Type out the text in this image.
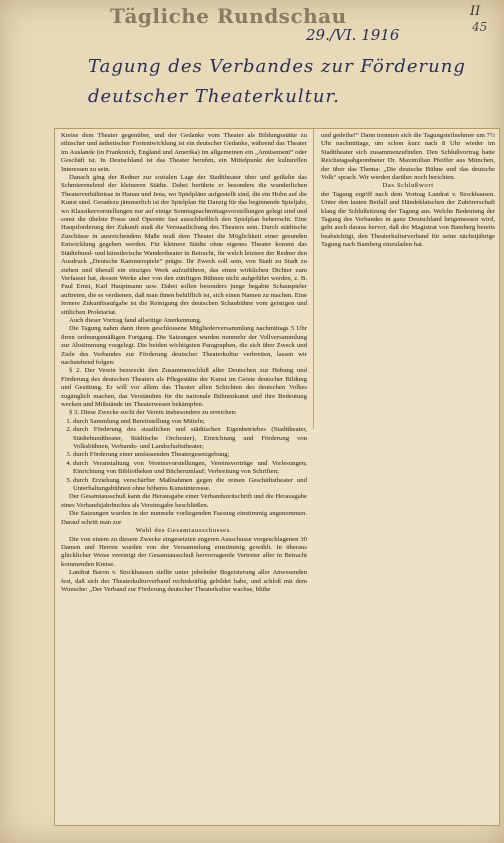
Tägliche Rundschau
29./VI. 1916
II
45
Tagung des Verbandes zur Förderung
deutscher Theaterkultur.

Kreise dem Theater gegenüber, und der Gedanke vom Theater als Bildungsstätte zu ethischer und ästhetischer Fortentwicklung ist ein deutscher Gedanke, während das Theater im Auslande (in Frankreich, England und Amerika) im allgemeinen ein „Amüsement“ oder Geschäft ist. In Deutschland ist das Theater berufen, ein Mittelpunkt der kulturellen Interessen zu sein.

Danach ging der Redner zur sozialen Lage der Stadttheater über und geißelte das Schmierenelend der kleineren Städte. Dabei berührte er besonders die wunderlichen Theaterverhältnisse in Hanau und Jena, wo Spielpläne aufgestellt sind, die ein Hohn auf die Kunst sind. Geradezu jämmerlich ist der Spielplan für Danzig für das beginnende Spieljahr, wo Klassikervorstellungen nur auf einige Sonntagnachmittagsvorstellungen gelegt sind und sonst die übelste Posse und Operette fast ausschließlich den Spielplan beherrscht. Eine Hauptforderung der Zukunft muß die Verstaatlichung des Theaters sein. Durch städtische Zuschüsse in ausreichendem Maße muß dem Theater die Möglichkeit einer gesunden Entwicklung gegeben werden. Für kleinere Städte ohne eigenes Theater kommt das Städtebund- und künstlerische Wandertheater in Betracht, für welch letztere der Redner den Ausdruck „Deutsche Kammerspiele“ prägte. Ihr Zweck soll sein, von Stadt zu Stadt zu ziehen und überall ein einziges Werk aufzuführen, das einen wirklichen Dichter zum Verfasser hat, dessen Werke aber von den zünftigen Bühnen nicht aufgeführt werden, z. B. Paul Ernst, Karl Hauptmann usw. Dabei sollen besonders junge begabte Schauspieler auftreten, die es verdienen, daß man ihnen behilflich ist, sich einen Namen zu machen. Eine fernere Zukunftsaufgabe ist die Reinigung der deutschen Schaubühne vom geistigen und sittlichen Proletariat.

Auch dieser Vortrag fand allseitige Anerkennung.

Die Tagung nahm dann ihren geschlossene Mitgliederversammlung nachmittags 5 Uhr ihren ordnungsmäßigen Fortgang. Die Satzungen wurden nunmehr der Vollversammlung zur Abstimmung vorgelegt. Die beiden wichtigsten Paragraphen, die sich über Zweck und Ziele des Verbandes zur Förderung deutscher Theaterkultur verbreiten, lassen wir nachstehend folgen:

§ 2. Der Verein bezweckt den Zusammenschluß aller Deutschen zur Hebung und Förderung des deutschen Theaters als Pflegestätte der Kunst im Geiste deutscher Bildung und Gesittung. Er will vor allem das Theater allen Schichten des deutschen Volkes zugänglich machen, das Verständnis für die nationale Bühnenkunst und ihre Bedeutung wecken und Mißstände im Theaterwesen bekämpfen.

§ 3. Diese Zwecke sucht der Verein insbesondere zu erreichen:

1. durch Sammlung und Bereitstellung von Mitteln;
2. durch Förderung des staatlichen und städtischen Eigenbetriebes (Stadttheater, Städtebundtheater, Städtische Orchester), Einrichtung und Förderung von Volksbühnen, Verbands- und Landschaftstheater;
3. durch Förderung einer umfassenden Theatergesetzgebung;
4. durch Veranstaltung von Vereinsvorstellungen, Vereinsvorträge und Vorlesungen; Einrichtung von Bibliotheken und Bücherumlauf; Verbreitung von Schriften;
5. durch Erziehung verschärfter Maßnahmen gegen die reinen Geschäftstheater und Unterhaltungsbühnen ohne höheres Kunstinteresse.

Der Gesamtausschuß kann die Herausgabe einer Verbandszeitschrift und die Herausgabe eines Verbandsjahrbuches als Vereinsgabe beschließen.

Die Satzungen wurden in der nunmehr vorliegenden Fassung einstimmig angenommen. Darauf schritt man zur

Wahl des Gesamtausschusses.

Die von einem zu diesem Zwecke eingesetzten engeren Ausschusse vorgeschlagenen 30 Damen und Herren wurden von der Versammlung einstimmig gewählt. In überaus glücklicher Weise vereinigt der Gesamtausschuß hervorragende Vertreter aller in Betracht kommenden Kreise.

Landrat Baron v. Stockhausen stellte unter jubelnder Begeisterung aller Anwesenden fest, daß sich der Theaterkulturverband rechtskräftig gebildet habe, und schloß mit dem Wunsche: „Der Verband zur Förderung deutscher Theaterkultur wachse, blühe

und gedeihe!“ Dann trennten sich die Tagungsteilnehmer um 7½ Uhr nachmittags, um schon kurz nach 8 Uhr wieder im Stadttheater sich zusammenzufinden. Den Schlußvortrag hatte Reichstagsabgeordneter Dr. Maximilian Pfeiffer aus München, der über das Thema: „Die deutsche Bühne und das deutsche Volk“ sprach. Wir werden darüber noch berichten.

Das Schlußwort

der Tagung ergriff nach dem Vortrag Landrat v. Stockhausen. Unter den lauten Beifall und Händeklatschen der Zuhörerschaft klang die Schlußsitzung der Tagung aus. Welche Bedeutung der Tagung des Verbandes in ganz Deutschland beigemessen wird, geht auch daraus hervor, daß der Magistrat von Bamberg bereits beabsichtigt, den Theaterkulturverband für seine nächstjährige Tagung nach Bamberg einzuladen hat.
